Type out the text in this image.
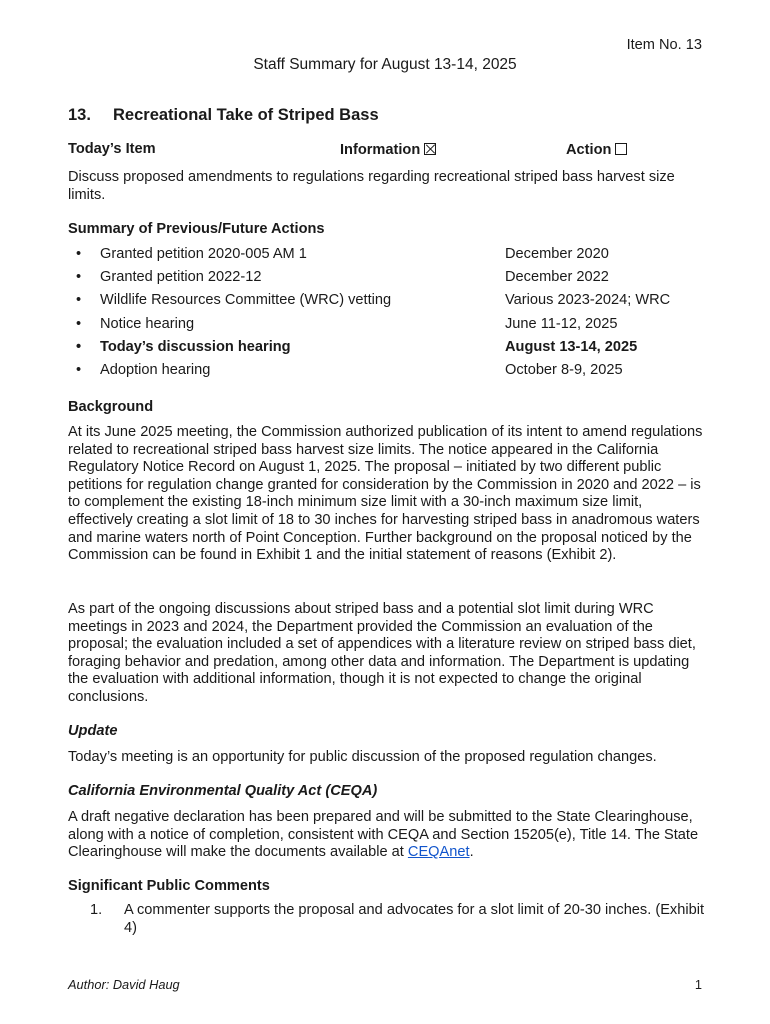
Item No. 13
Staff Summary for August 13-14, 2025
13. Recreational Take of Striped Bass
Today’s Item	Information	Action
Discuss proposed amendments to regulations regarding recreational striped bass harvest size limits.
Summary of Previous/Future Actions
• Granted petition 2020-005 AM 1	December 2020
• Granted petition 2022-12	December 2022
• Wildlife Resources Committee (WRC) vetting	Various 2023-2024; WRC
• Notice hearing	June 11-12, 2025
• Today’s discussion hearing	August 13-14, 2025
• Adoption hearing	October 8-9, 2025
Background
At its June 2025 meeting, the Commission authorized publication of its intent to amend regulations related to recreational striped bass harvest size limits. The notice appeared in the California Regulatory Notice Record on August 1, 2025. The proposal – initiated by two different public petitions for regulation change granted for consideration by the Commission in 2020 and 2022 – is to complement the existing 18-inch minimum size limit with a 30-inch maximum size limit, effectively creating a slot limit of 18 to 30 inches for harvesting striped bass in anadromous waters and marine waters north of Point Conception. Further background on the proposal noticed by the Commission can be found in Exhibit 1 and the initial statement of reasons (Exhibit 2).
As part of the ongoing discussions about striped bass and a potential slot limit during WRC meetings in 2023 and 2024, the Department provided the Commission an evaluation of the proposal; the evaluation included a set of appendices with a literature review on striped bass diet, foraging behavior and predation, among other data and information. The Department is updating the evaluation with additional information, though it is not expected to change the original conclusions.
Update
Today’s meeting is an opportunity for public discussion of the proposed regulation changes.
California Environmental Quality Act (CEQA)
A draft negative declaration has been prepared and will be submitted to the State Clearinghouse, along with a notice of completion, consistent with CEQA and Section 15205(e), Title 14. The State Clearinghouse will make the documents available at CEQAnet.
Significant Public Comments
1. A commenter supports the proposal and advocates for a slot limit of 20-30 inches. (Exhibit 4)
Author: David Haug	1
